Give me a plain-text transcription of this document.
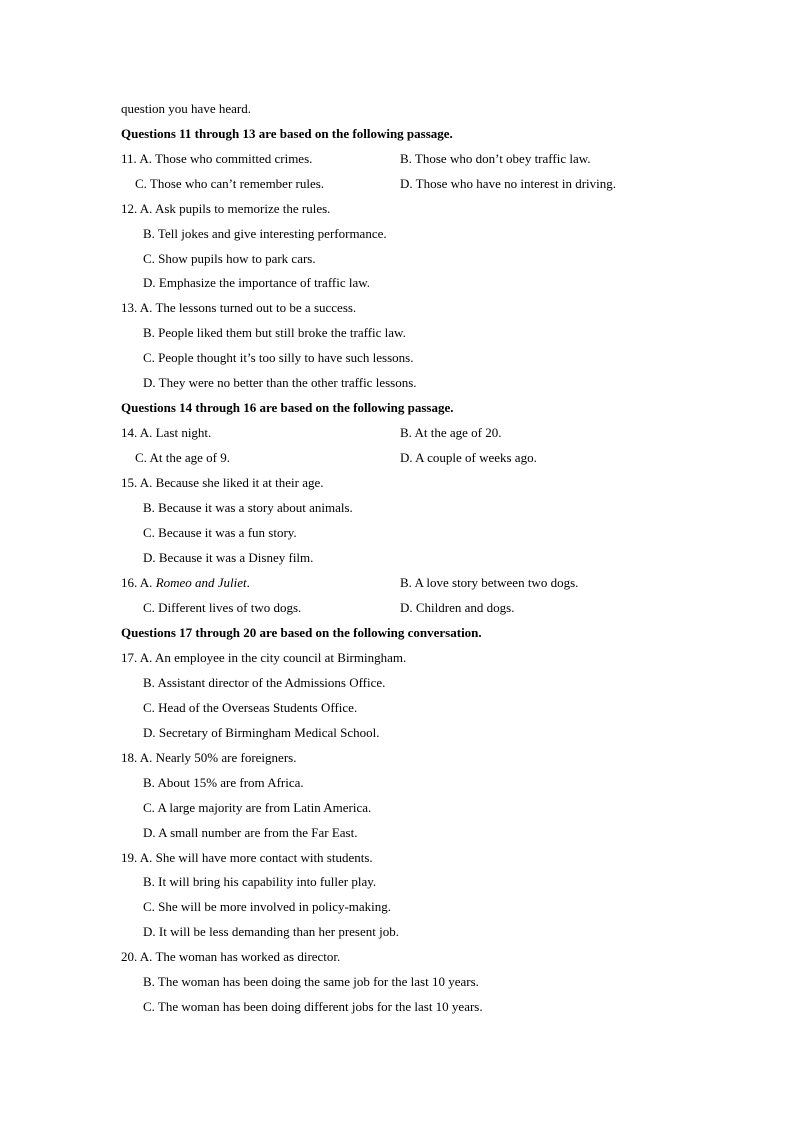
question you have heard.
Questions 11 through 13 are based on the following passage.
11. A. Those who committed crimes.	B. Those who don’t obey traffic law.
C. Those who can’t remember rules.	D. Those who have no interest in driving.
12. A. Ask pupils to memorize the rules.
B. Tell jokes and give interesting performance.
C. Show pupils how to park cars.
D. Emphasize the importance of traffic law.
13. A. The lessons turned out to be a success.
B. People liked them but still broke the traffic law.
C. People thought it’s too silly to have such lessons.
D. They were no better than the other traffic lessons.
Questions 14 through 16 are based on the following passage.
14. A. Last night.	B. At the age of 20.
C. At the age of 9.	D. A couple of weeks ago.
15. A. Because she liked it at their age.
B. Because it was a story about animals.
C. Because it was a fun story.
D. Because it was a Disney film.
16. A. Romeo and Juliet.	B. A love story between two dogs.
C. Different lives of two dogs.	D. Children and dogs.
Questions 17 through 20 are based on the following conversation.
17. A. An employee in the city council at Birmingham.
B. Assistant director of the Admissions Office.
C. Head of the Overseas Students Office.
D. Secretary of Birmingham Medical School.
18. A. Nearly 50% are foreigners.
B. About 15% are from Africa.
C. A large majority are from Latin America.
D. A small number are from the Far East.
19. A. She will have more contact with students.
B. It will bring his capability into fuller play.
C. She will be more involved in policy-making.
D. It will be less demanding than her present job.
20. A. The woman has worked as director.
B. The woman has been doing the same job for the last 10 years.
C. The woman has been doing different jobs for the last 10 years.
